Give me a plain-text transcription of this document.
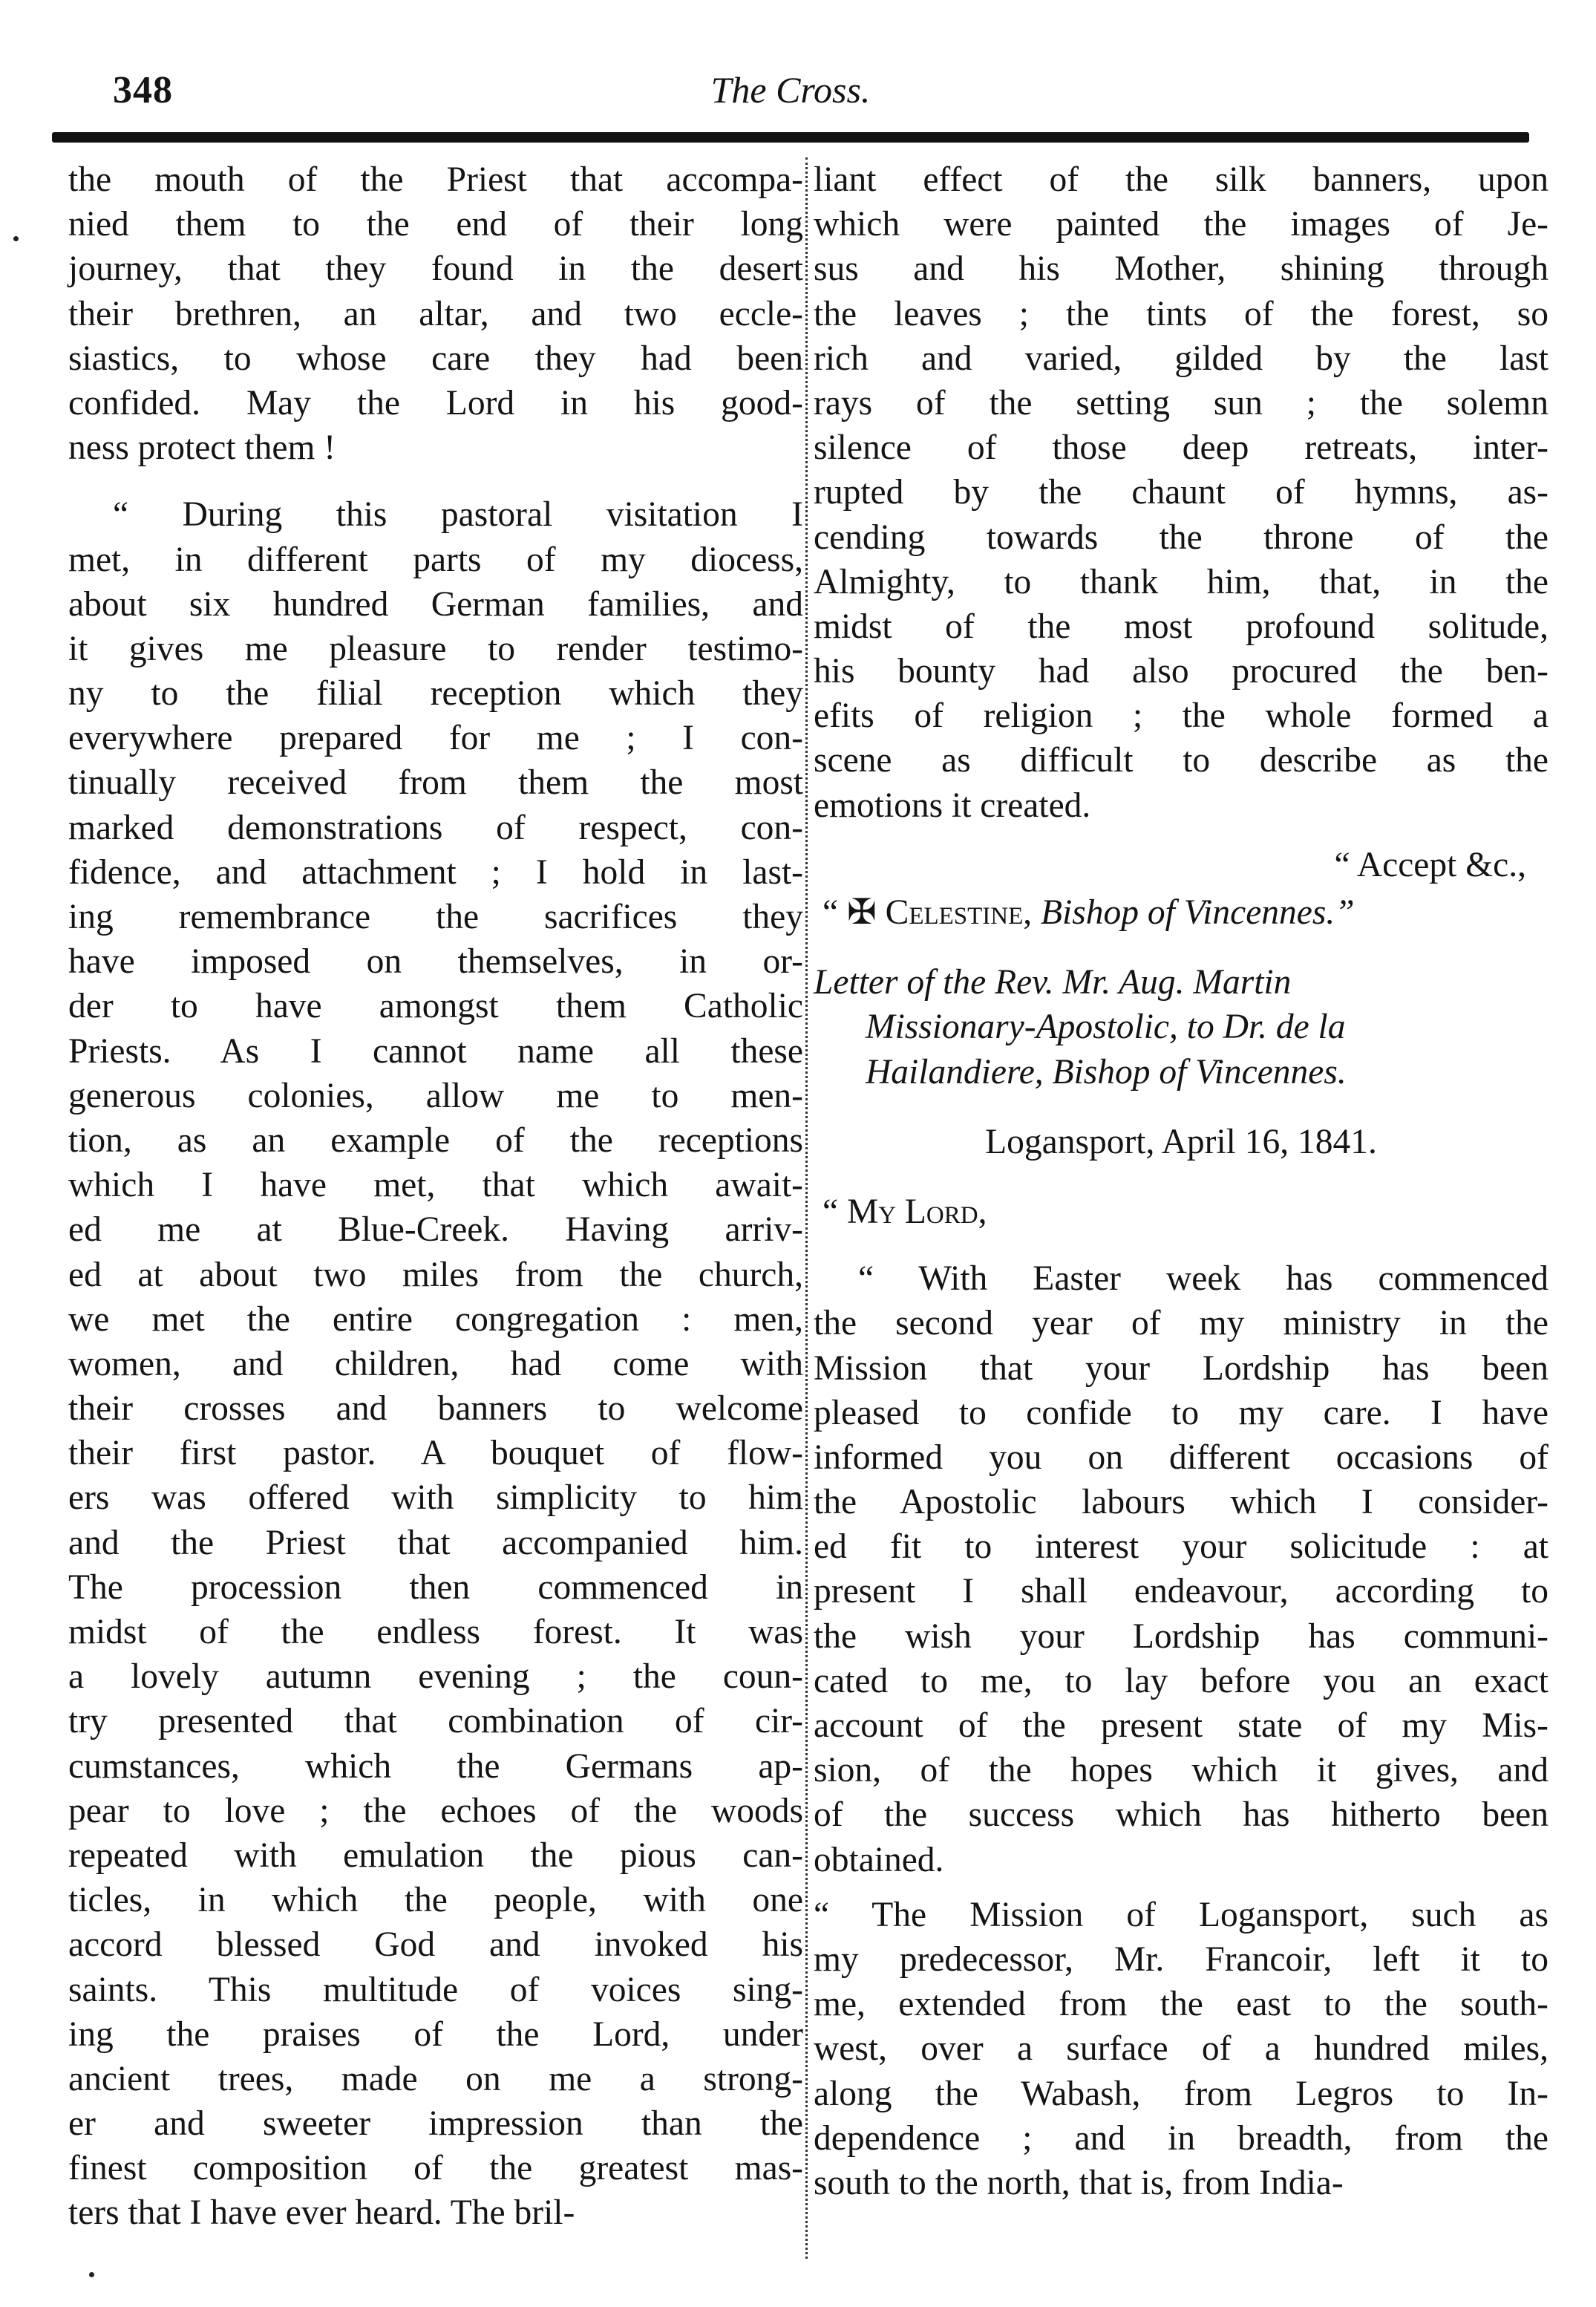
348	The Cross.
the mouth of the Priest that accompa-
nied them to the end of their long
journey, that they found in the desert
their brethren, an altar, and two eccle-
siastics, to whose care they had been
confided. May the Lord in his good-
ness protect them !
“ During this pastoral visitation I
met, in different parts of my diocess,
about six hundred German families, and
it gives me pleasure to render testimo-
ny to the filial reception which they
everywhere prepared for me ; I con-
tinually received from them the most
marked demonstrations of respect, con-
fidence, and attachment ; I hold in last-
ing remembrance the sacrifices they
have imposed on themselves, in or-
der to have amongst them Catholic
Priests. As I cannot name all these
generous colonies, allow me to men-
tion, as an example of the receptions
which I have met, that which await-
ed me at Blue-Creek. Having arriv-
ed at about two miles from the church,
we met the entire congregation : men,
women, and children, had come with
their crosses and banners to welcome
their first pastor. A bouquet of flow-
ers was offered with simplicity to him
and the Priest that accompanied him.
The procession then commenced in
midst of the endless forest. It was
a lovely autumn evening ; the coun-
try presented that combination of cir-
cumstances, which the Germans ap-
pear to love ; the echoes of the woods
repeated with emulation the pious can-
ticles, in which the people, with one
accord blessed God and invoked his
saints. This multitude of voices sing-
ing the praises of the Lord, under
ancient trees, made on me a strong-
er and sweeter impression than the
finest composition of the greatest mas-
ters that I have ever heard. The bril-
liant effect of the silk banners, upon
which were painted the images of Je-
sus and his Mother, shining through
the leaves ; the tints of the forest, so
rich and varied, gilded by the last
rays of the setting sun ; the solemn
silence of those deep retreats, inter-
rupted by the chaunt of hymns, as-
cending towards the throne of the
Almighty, to thank him, that, in the
midst of the most profound solitude,
his bounty had also procured the ben-
efits of religion ; the whole formed a
scene as difficult to describe as the
emotions it created.
“ Accept &c.,
“ ✠ Celestine, Bishop of Vincennes.”
Letter of the Rev. Mr. Aug. Martin
Missionary-Apostolic, to Dr. de la
Hailandiere, Bishop of Vincennes.
Logansport, April 16, 1841.
“ My Lord,
“ With Easter week has commenced
the second year of my ministry in the
Mission that your Lordship has been
pleased to confide to my care. I have
informed you on different occasions of
the Apostolic labours which I consider-
ed fit to interest your solicitude : at
present I shall endeavour, according to
the wish your Lordship has communi-
cated to me, to lay before you an exact
account of the present state of my Mis-
sion, of the hopes which it gives, and
of the success which has hitherto been
obtained.
“ The Mission of Logansport, such as
my predecessor, Mr. Francoir, left it to
me, extended from the east to the south-
west, over a surface of a hundred miles,
along the Wabash, from Legros to In-
dependence ; and in breadth, from the
south to the north, that is, from India-
